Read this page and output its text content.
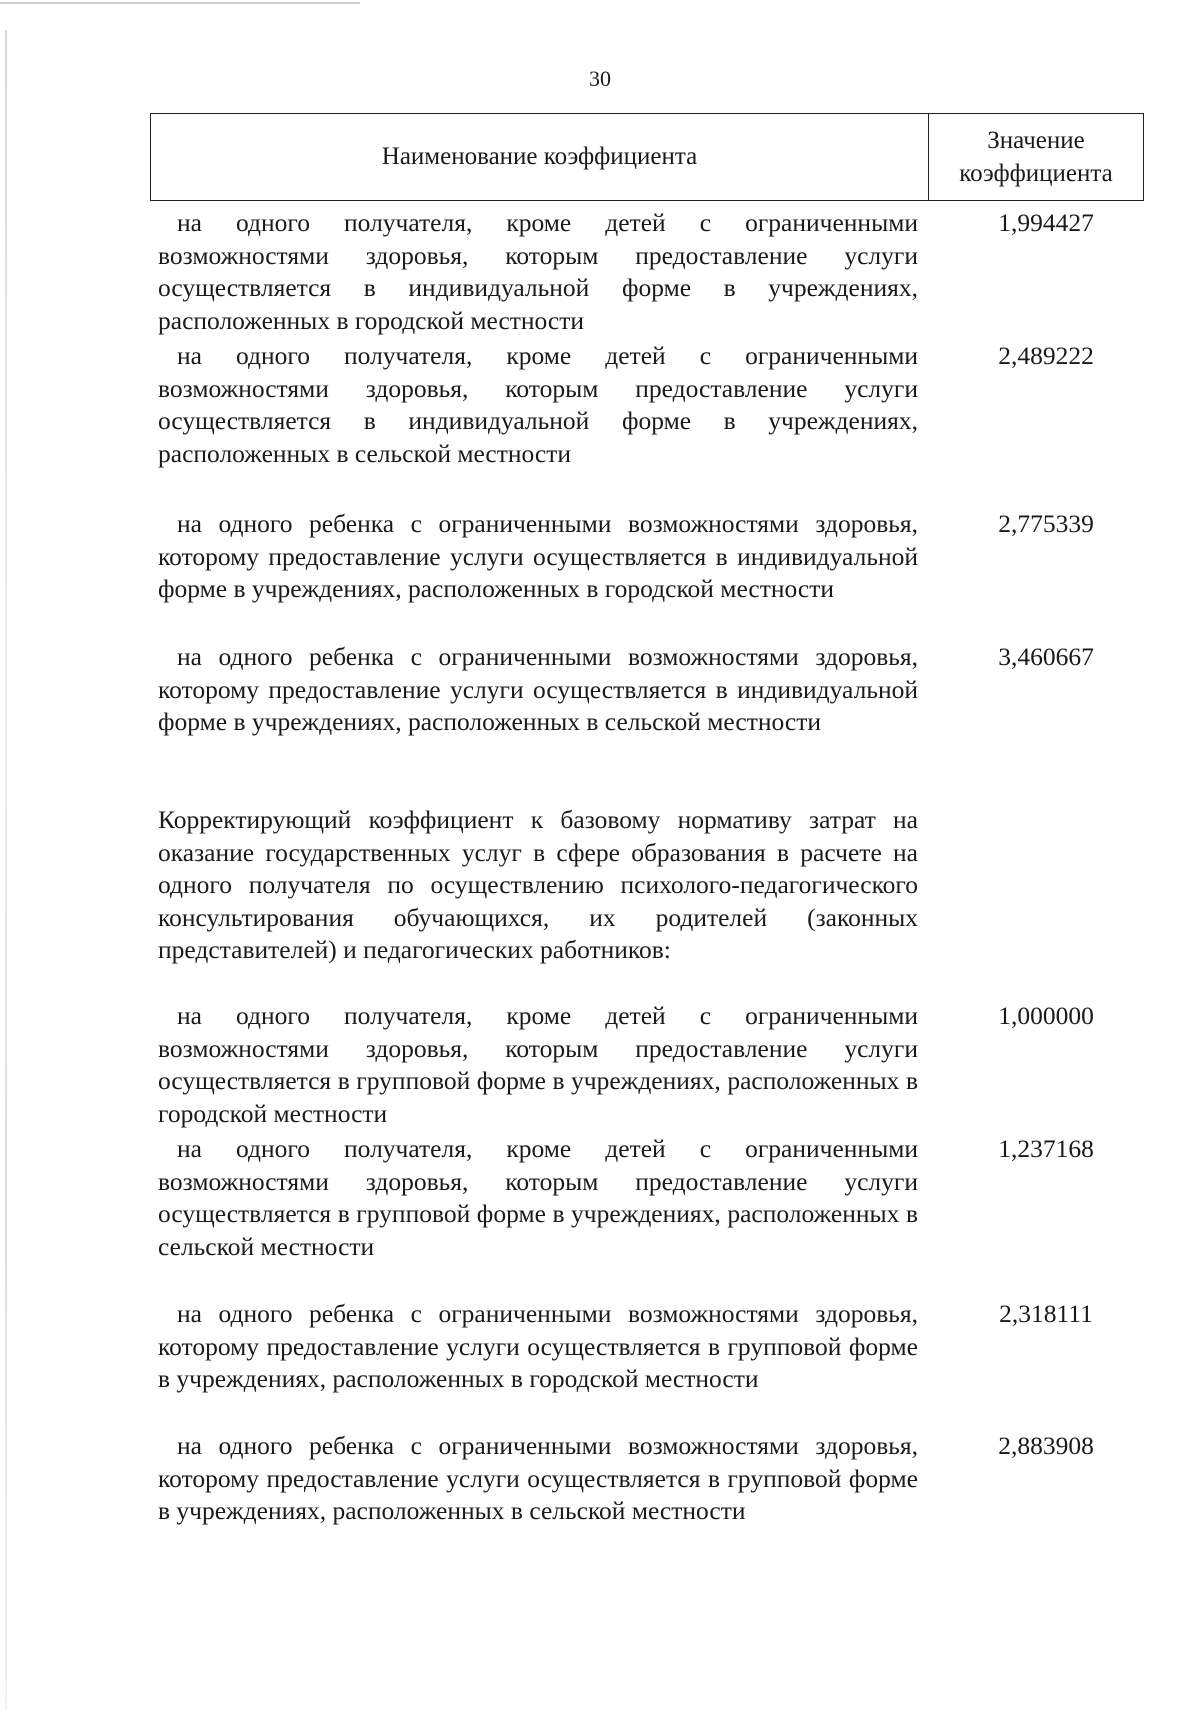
30
Наименование коэффициента
Значение
коэффициента
на одного получателя, кроме детей с ограниченными возможностями здоровья, которым предоставление услуги осуществляется в индивидуальной форме в учреждениях, расположенных в городской местности
1,994427
на одного получателя, кроме детей с ограниченными возможностями здоровья, которым предоставление услуги осуществляется в индивидуальной форме в учреждениях, расположенных в сельской местности
2,489222
на одного ребенка с ограниченными возможностями здоровья, которому предоставление услуги осуществляется в индивидуальной форме в учреждениях, расположенных в городской местности
2,775339
на одного ребенка с ограниченными возможностями здоровья, которому предоставление услуги осуществляется в индивидуальной форме в учреждениях, расположенных в сельской местности
3,460667
Корректирующий коэффициент к базовому нормативу затрат на оказание государственных услуг в сфере образования в расчете на одного получателя по осуществлению психолого-педагогического консультирования обучающихся, их родителей (законных представителей) и педагогических работников:
на одного получателя, кроме детей с ограниченными возможностями здоровья, которым предоставление услуги осуществляется в групповой форме в учреждениях, расположенных в городской местности
1,000000
на одного получателя, кроме детей с ограниченными возможностями здоровья, которым предоставление услуги осуществляется в групповой форме в учреждениях, расположенных в сельской местности
1,237168
на одного ребенка с ограниченными возможностями здоровья, которому предоставление услуги осуществляется в групповой форме в учреждениях, расположенных в городской местности
2,318111
на одного ребенка с ограниченными возможностями здоровья, которому предоставление услуги осуществляется в групповой форме в учреждениях, расположенных в сельской местности
2,883908
